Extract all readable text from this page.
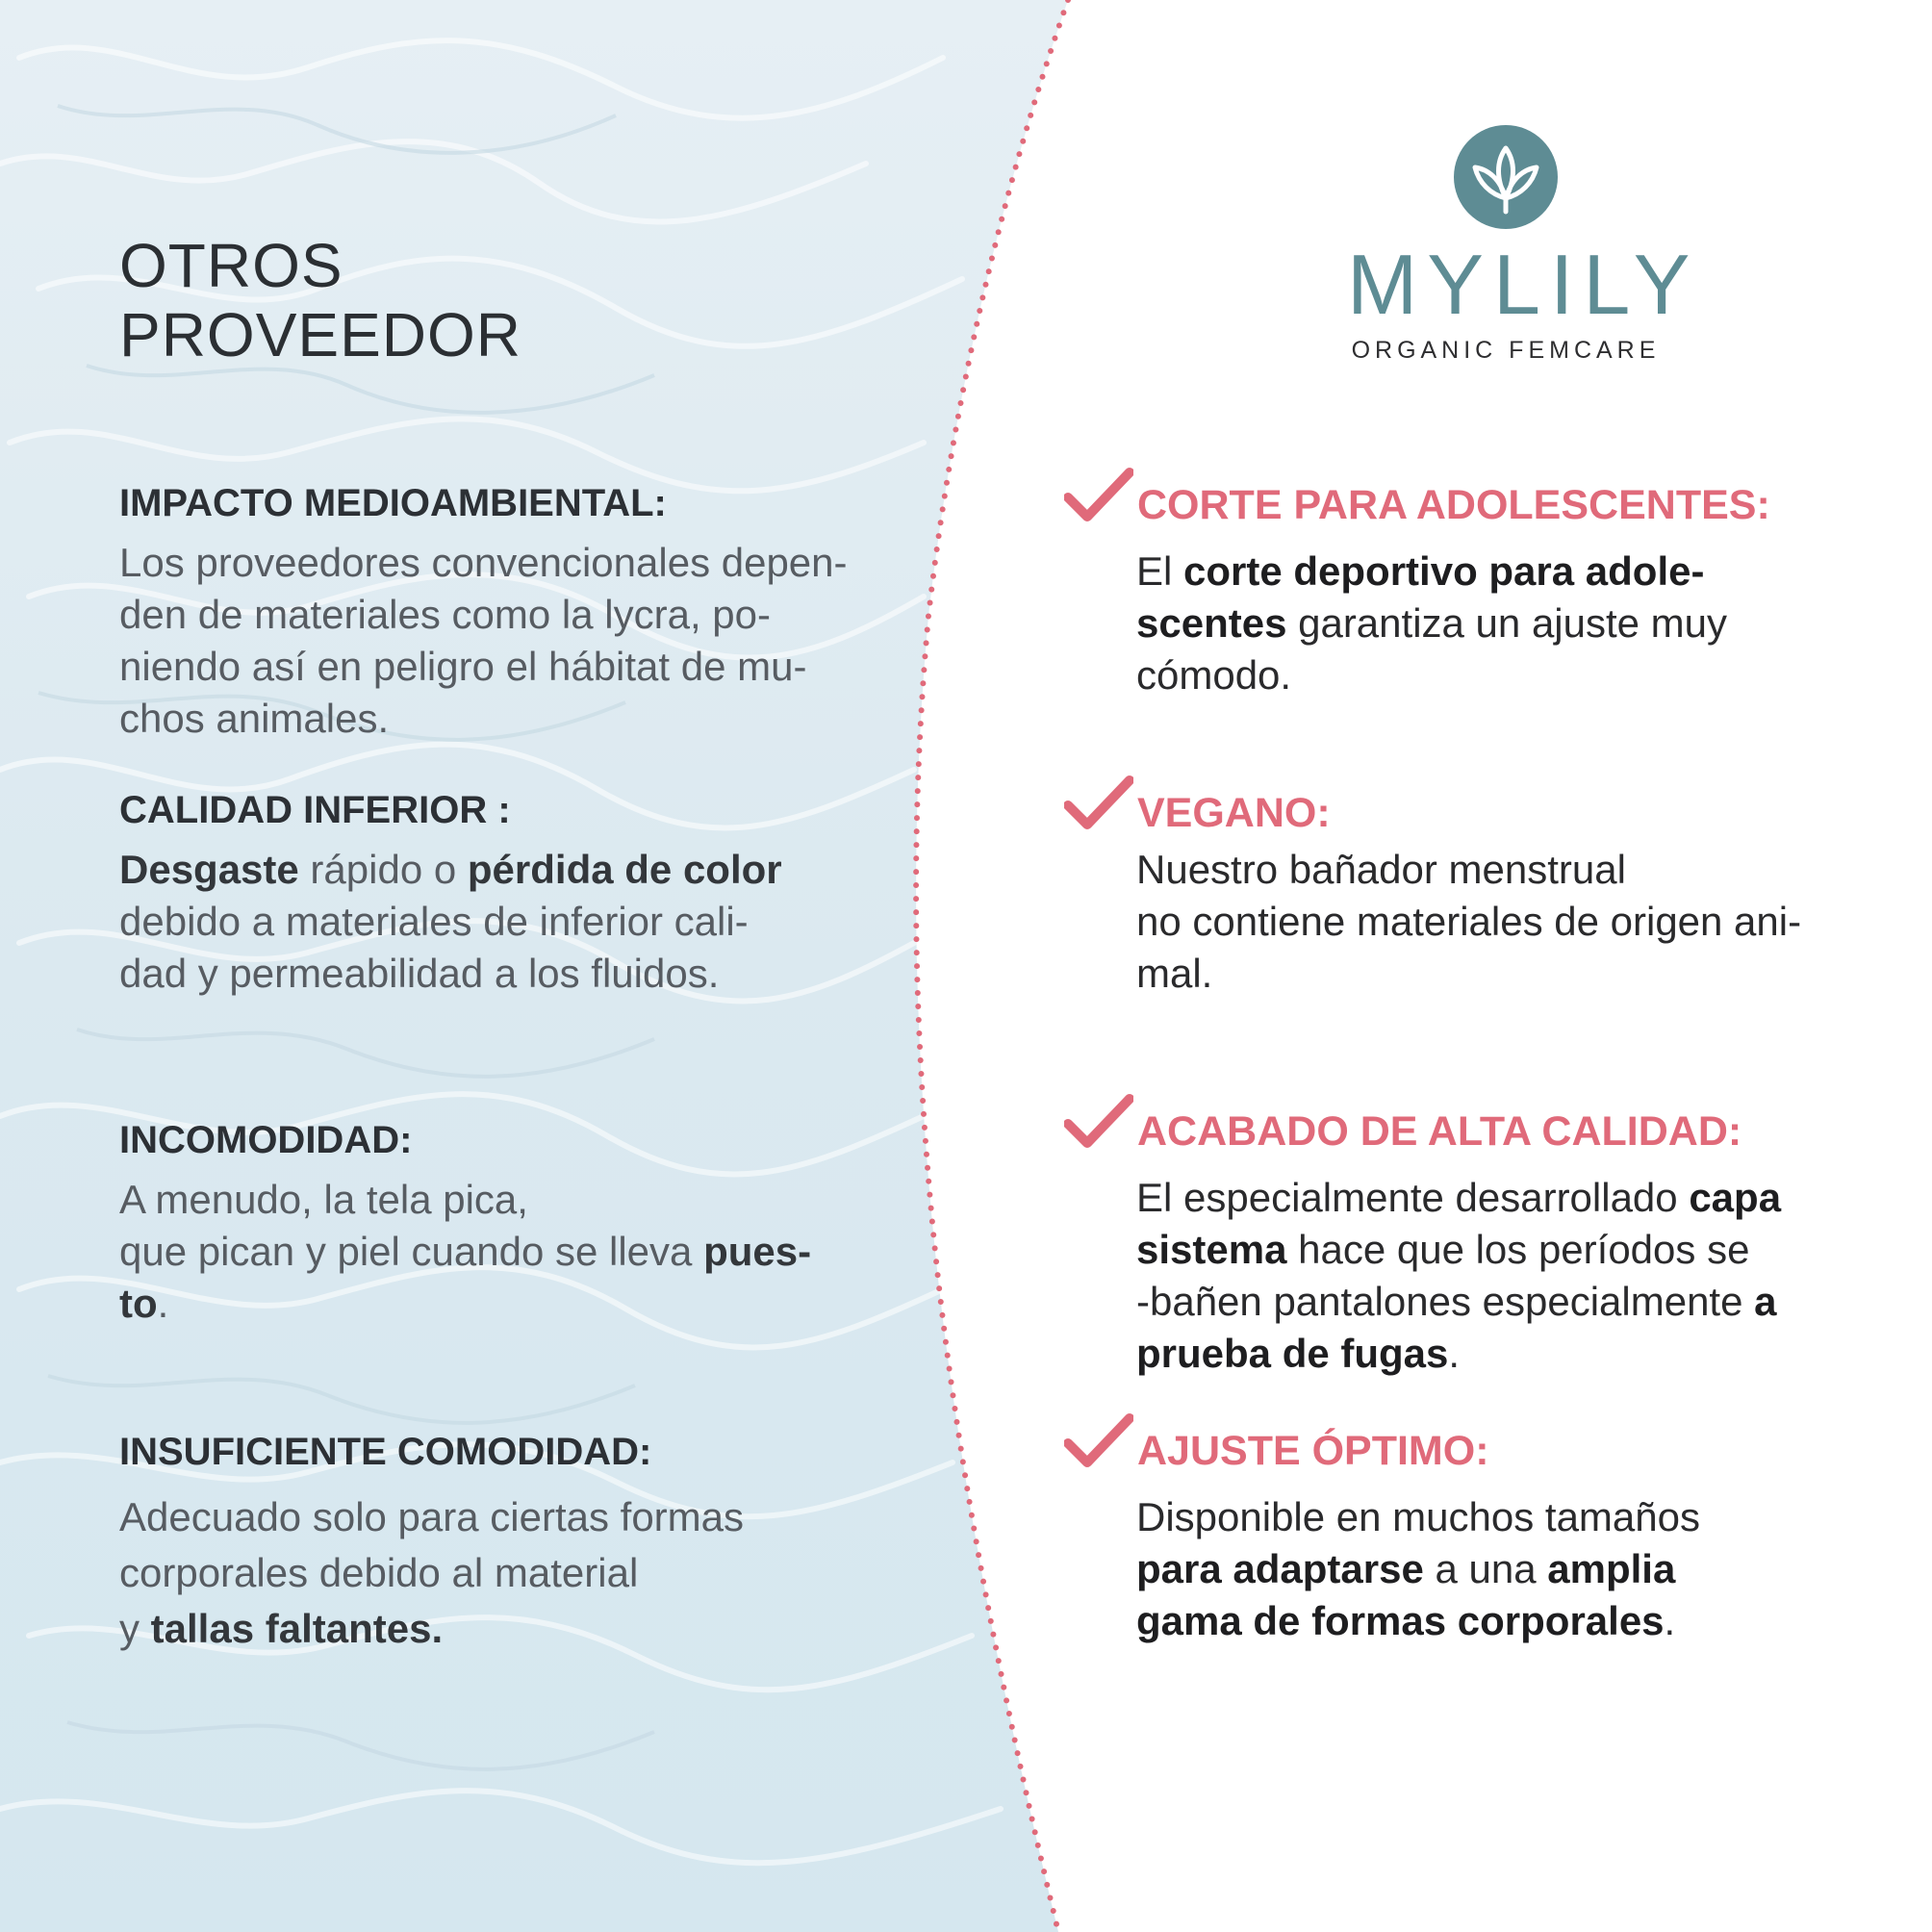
OTROS
PROVEEDOR
IMPACTO MEDIOAMBIENTAL:

Los proveedores convencionales depen-
den de materiales como la lycra, po-
niendo así en peligro el hábitat de mu-
chos animales.

CALIDAD INFERIOR :

Desgaste rápido o pérdida de color
debido a materiales de inferior cali-
dad y permeabilidad a los fluidos.

INCOMODIDAD:

A menudo, la tela pica,
que pican y piel cuando se lleva pues-
to.

INSUFICIENTE COMODIDAD:

Adecuado solo para ciertas formas
corporales debido al material
y tallas faltantes.

MYLILY

ORGANIC FEMCARE

CORTE PARA ADOLESCENTES:

El corte deportivo para adole-
scentes garantiza un ajuste muy
cómodo.

VEGANO:

Nuestro bañador menstrual
no contiene materiales de origen ani-
mal.

ACABADO DE ALTA CALIDAD:

El especialmente desarrollado capa
sistema hace que los períodos se
-bañen pantalones especialmente a
prueba de fugas.

AJUSTE ÓPTIMO:

Disponible en muchos tamaños
para adaptarse a una amplia
gama de formas corporales.
